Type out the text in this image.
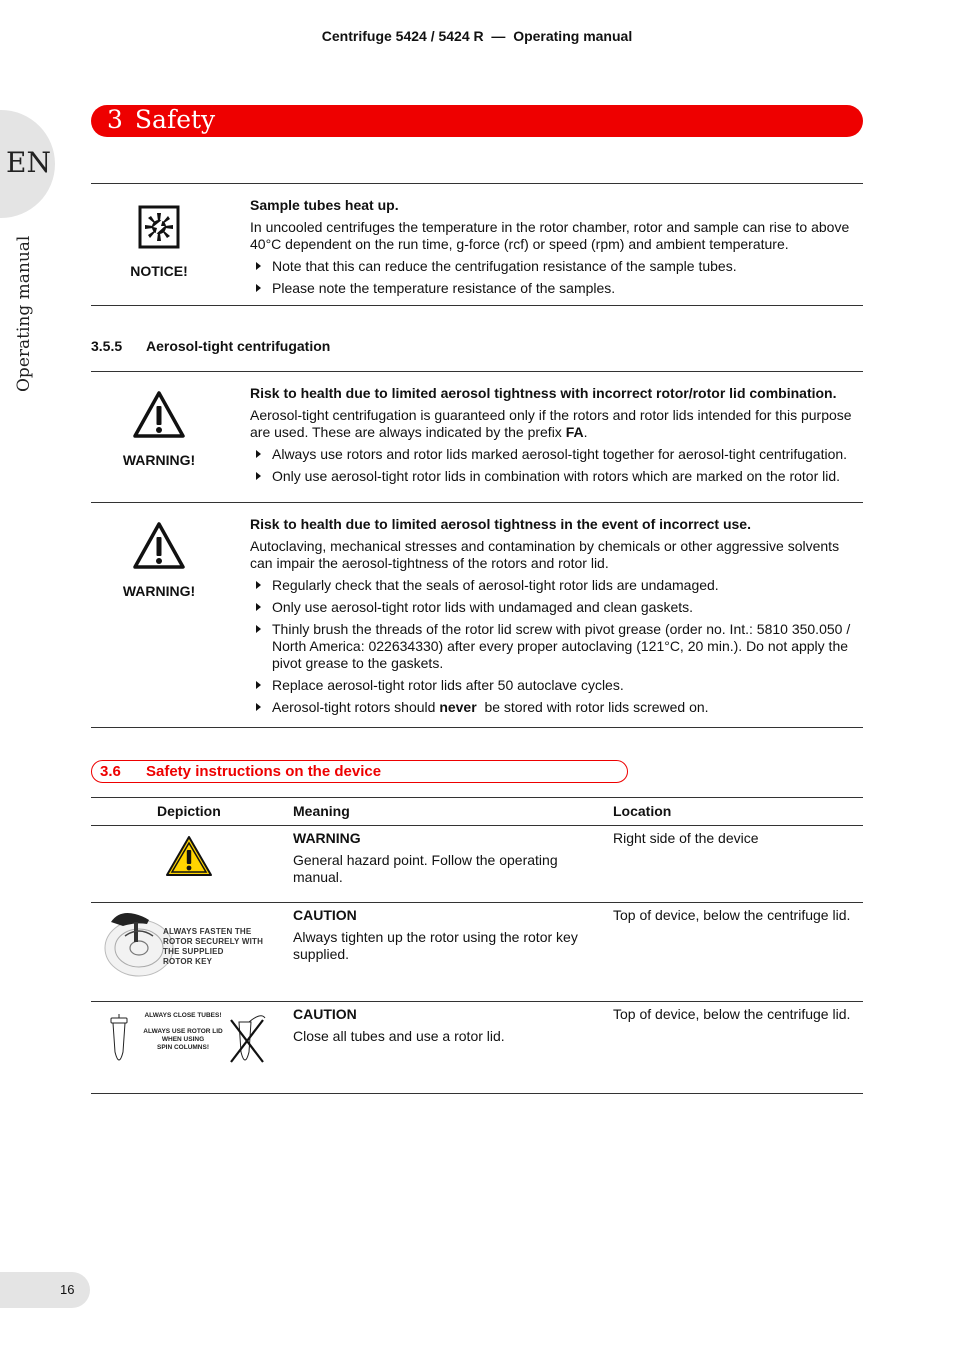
Centrifuge 5424 / 5424 R  —  Operating manual
EN
Operating manual
3 Safety
NOTICE!
Sample tubes heat up.

In uncooled centrifuges the temperature in the rotor chamber, rotor and sample can rise to above 40°C dependent on the run time, g-force (rcf) or speed (rpm) and ambient temperature.

Note that this can reduce the centrifugation resistance of the sample tubes.
Please note the temperature resistance of the samples.
3.5.5 Aerosol-tight centrifugation
WARNING!
Risk to health due to limited aerosol tightness with incorrect rotor/rotor lid combination.

Aerosol-tight centrifugation is guaranteed only if the rotors and rotor lids intended for this purpose are used. These are always indicated by the prefix FA.

Always use rotors and rotor lids marked aerosol-tight together for aerosol-tight centrifugation.
Only use aerosol-tight rotor lids in combination with rotors which are marked on the rotor lid.
WARNING!
Risk to health due to limited aerosol tightness in the event of incorrect use.

Autoclaving, mechanical stresses and contamination by chemicals or other aggressive solvents can impair the aerosol-tightness of the rotors and rotor lid.

Regularly check that the seals of aerosol-tight rotor lids are undamaged.
Only use aerosol-tight rotor lids with undamaged and clean gaskets.
Thinly brush the threads of the rotor lid screw with pivot grease (order no. Int.: 5810 350.050 / North America: 022634330) after every proper autoclaving (121°C, 20 min.). Do not apply the pivot grease to the gaskets.
Replace aerosol-tight rotor lids after 50 autoclave cycles.
Aerosol-tight rotors should never  be stored with rotor lids screwed on.
3.6 Safety instructions on the device
Depiction	Meaning	Location
WARNING
General hazard point. Follow the operating manual.
Right side of the device
ALWAYS FASTEN THE
ROTOR SECURELY WITH
THE SUPPLIED
ROTOR KEY
CAUTION
Always tighten up the rotor using the rotor key supplied.
Top of device, below the centrifuge lid.
ALWAYS CLOSE TUBES!
ALWAYS USE ROTOR LID
WHEN USING
SPIN COLUMNS!
CAUTION
Close all tubes and use a rotor lid.
Top of device, below the centrifuge lid.
16
